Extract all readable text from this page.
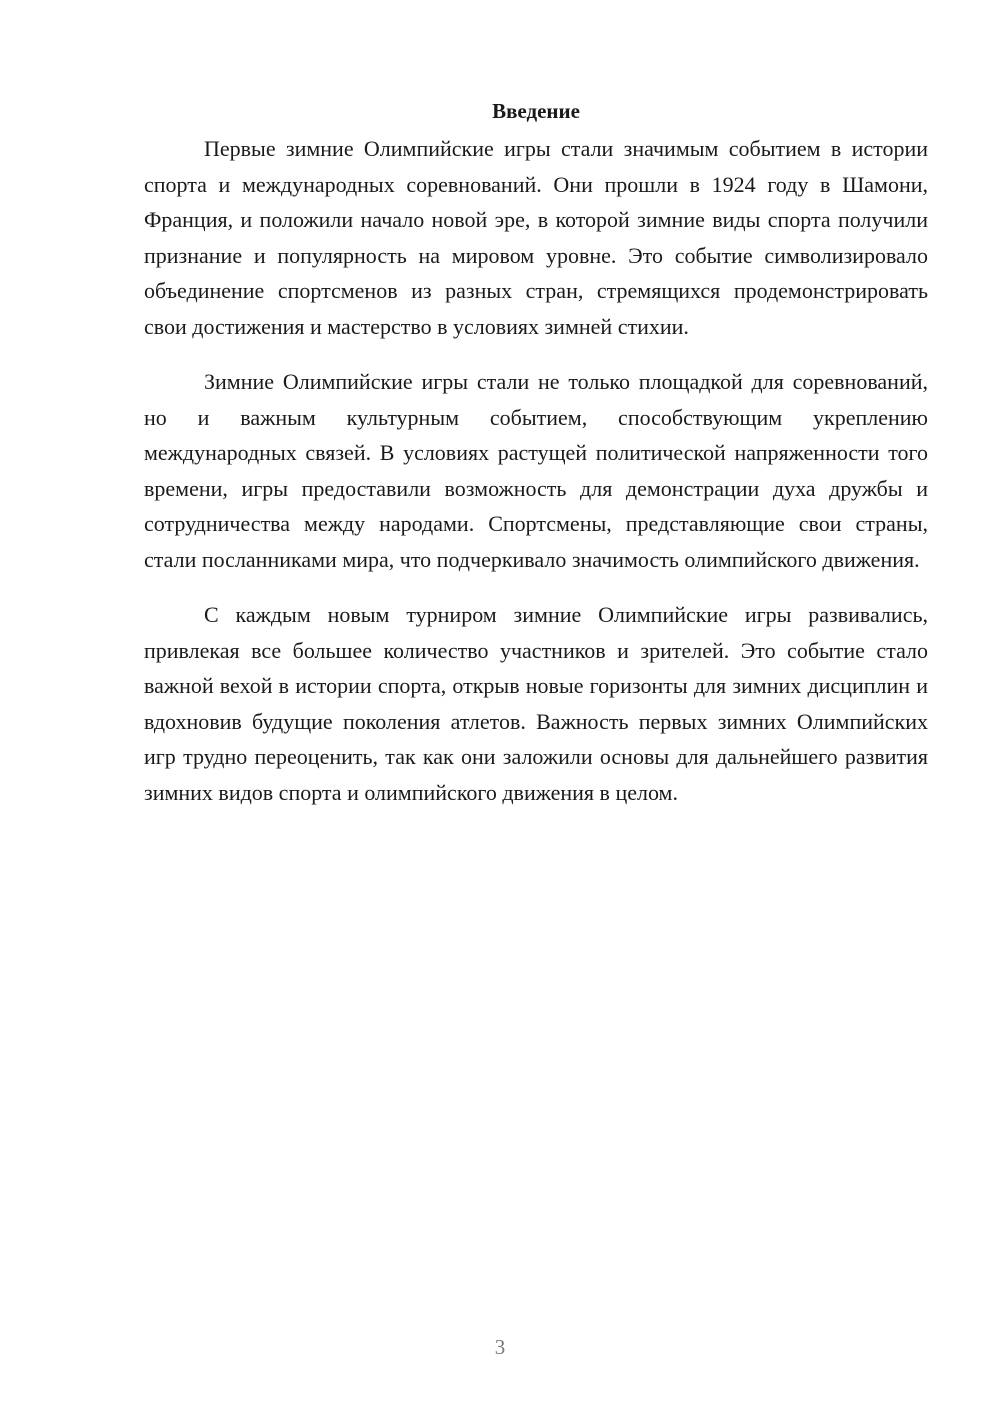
Введение

Первые зимние Олимпийские игры стали значимым событием в истории спорта и международных соревнований. Они прошли в 1924 году в Шамони, Франция, и положили начало новой эре, в которой зимние виды спорта получили признание и популярность на мировом уровне. Это событие символизировало объединение спортсменов из разных стран, стремящихся продемонстрировать свои достижения и мастерство в условиях зимней стихии.

Зимние Олимпийские игры стали не только площадкой для соревнований, но и важным культурным событием, способствующим укреплению международных связей. В условиях растущей политической напряженности того времени, игры предоставили возможность для демонстрации духа дружбы и сотрудничества между народами. Спортсмены, представляющие свои страны, стали посланниками мира, что подчеркивало значимость олимпийского движения.

С каждым новым турниром зимние Олимпийские игры развивались, привлекая все большее количество участников и зрителей. Это событие стало важной вехой в истории спорта, открыв новые горизонты для зимних дисциплин и вдохновив будущие поколения атлетов. Важность первых зимних Олимпийских игр трудно переоценить, так как они заложили основы для дальнейшего развития зимних видов спорта и олимпийского движения в целом.

3
